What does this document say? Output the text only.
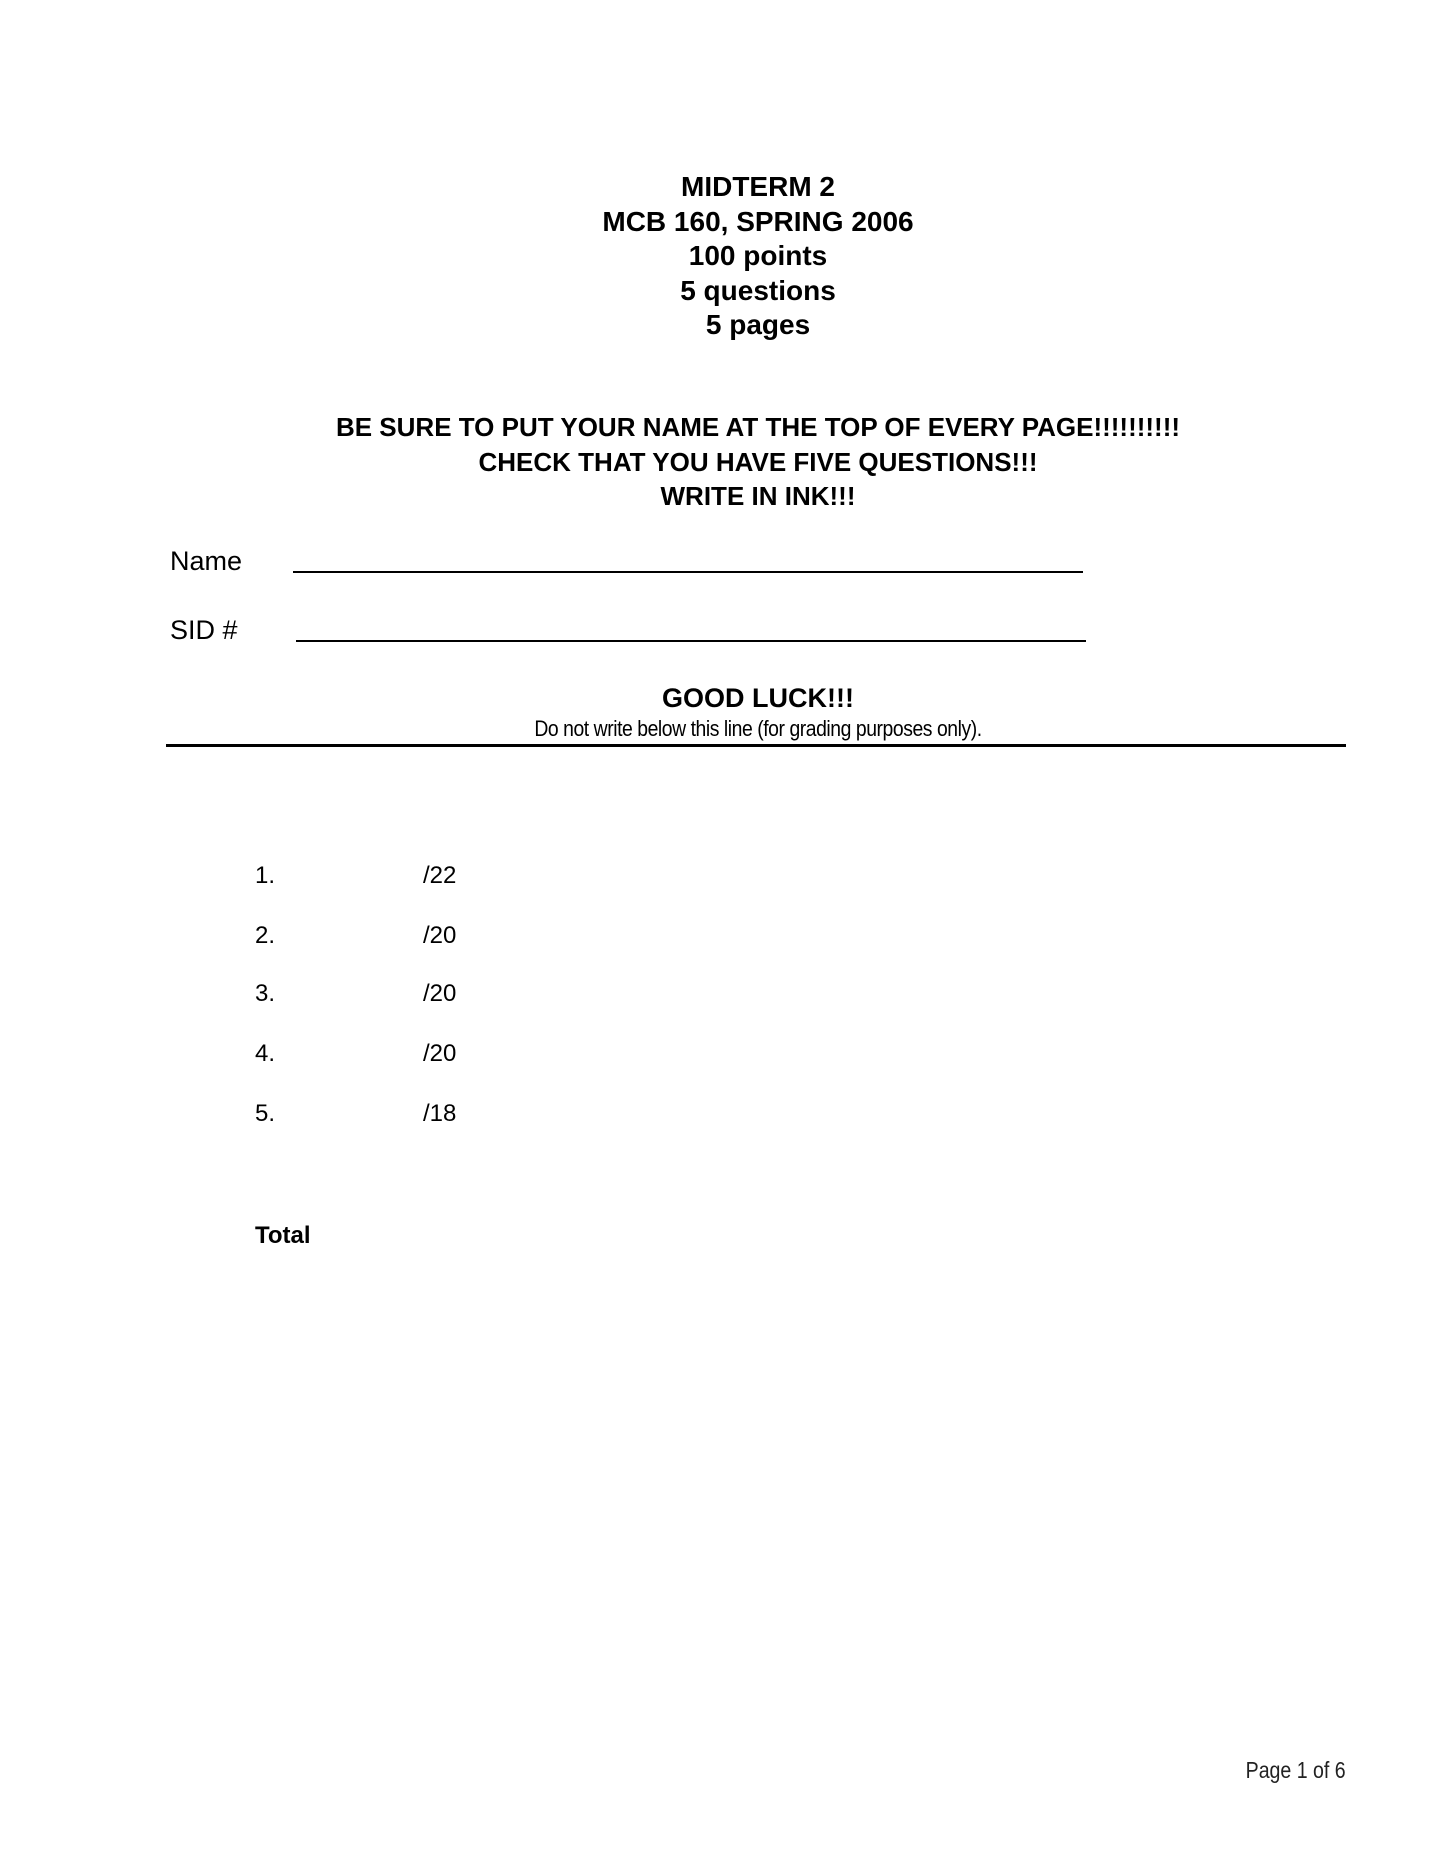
MIDTERM 2
MCB 160, SPRING 2006
100 points
5 questions
5 pages
BE SURE TO PUT YOUR NAME AT THE TOP OF EVERY PAGE!!!!!!!!!!
CHECK THAT YOU HAVE FIVE QUESTIONS!!!
WRITE IN INK!!!
Name
SID #
GOOD LUCK!!!
Do not write below this line (for grading purposes only).
1.	/22
2.	/20
3.	/20
4.	/20
5.	/18
Total
Page 1 of 6
